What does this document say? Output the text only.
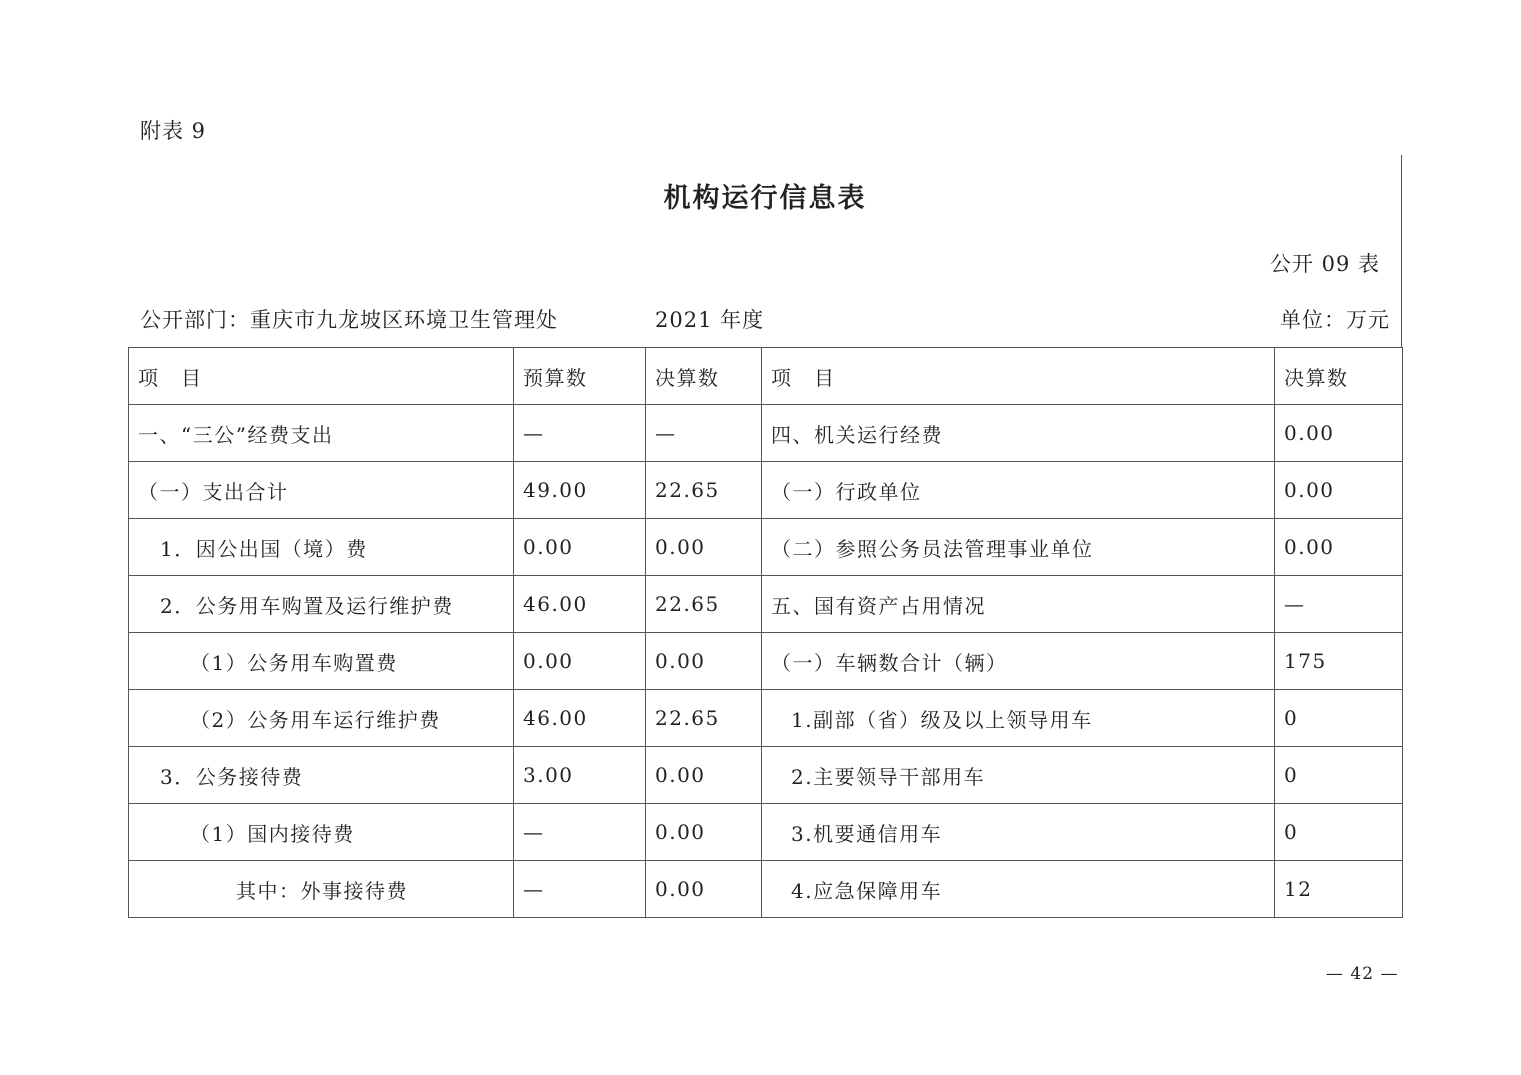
附表 9
机构运行信息表
公开 09 表
公开部门：重庆市九龙坡区环境卫生管理处	2021 年度	单位：万元
项　目	预算数	决算数	项　目	决算数
一、“三公”经费支出	—	—	四、机关运行经费	0.00
（一）支出合计	49.00	22.65	（一）行政单位	0.00
1．因公出国（境）费	0.00	0.00	（二）参照公务员法管理事业单位	0.00
2．公务用车购置及运行维护费	46.00	22.65	五、国有资产占用情况	—
（1）公务用车购置费	0.00	0.00	（一）车辆数合计（辆）	175
（2）公务用车运行维护费	46.00	22.65	1.副部（省）级及以上领导用车	0
3．公务接待费	3.00	0.00	2.主要领导干部用车	0
（1）国内接待费	—	0.00	3.机要通信用车	0
其中：外事接待费	—	0.00	4.应急保障用车	12
— 42 —
